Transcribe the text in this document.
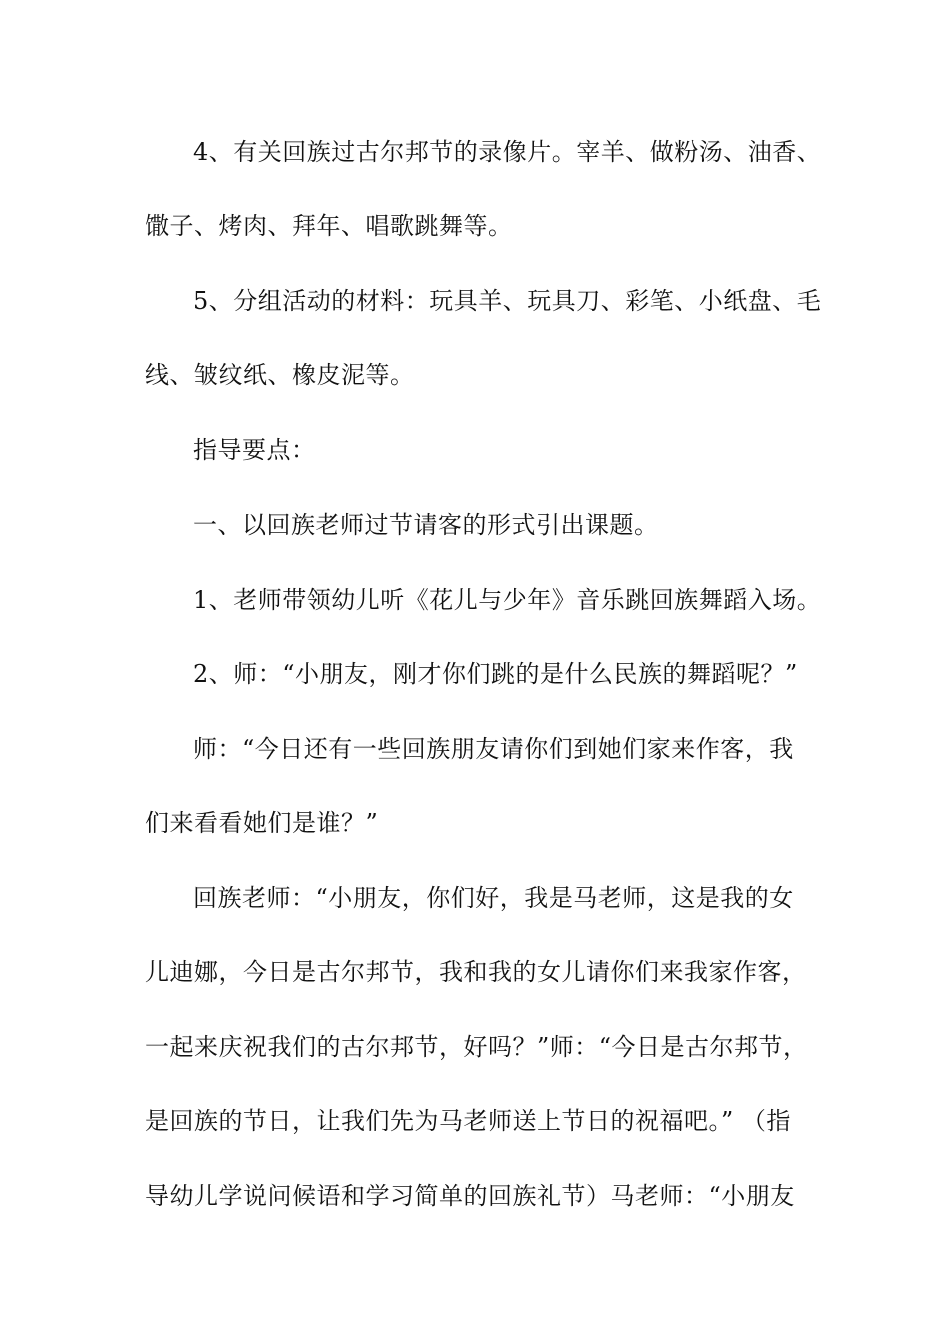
4、有关回族过古尔邦节的录像片。宰羊、做粉汤、油香、
馓子、烤肉、拜年、唱歌跳舞等。
5、分组活动的材料：玩具羊、玩具刀、彩笔、小纸盘、毛
线、皱纹纸、橡皮泥等。
指导要点：
一、以回族老师过节请客的形式引出课题。
1、老师带领幼儿听《花儿与少年》音乐跳回族舞蹈入场。
2、师：“小朋友，刚才你们跳的是什么民族的舞蹈呢？”
师：“今日还有一些回族朋友请你们到她们家来作客，我
们来看看她们是谁？”
回族老师：“小朋友，你们好，我是马老师，这是我的女
儿迪娜，今日是古尔邦节，我和我的女儿请你们来我家作客，
一起来庆祝我们的古尔邦节，好吗？”师：“今日是古尔邦节，
是回族的节日，让我们先为马老师送上节日的祝福吧。” （指
导幼儿学说问候语和学习简单的回族礼节）马老师：“小朋友
